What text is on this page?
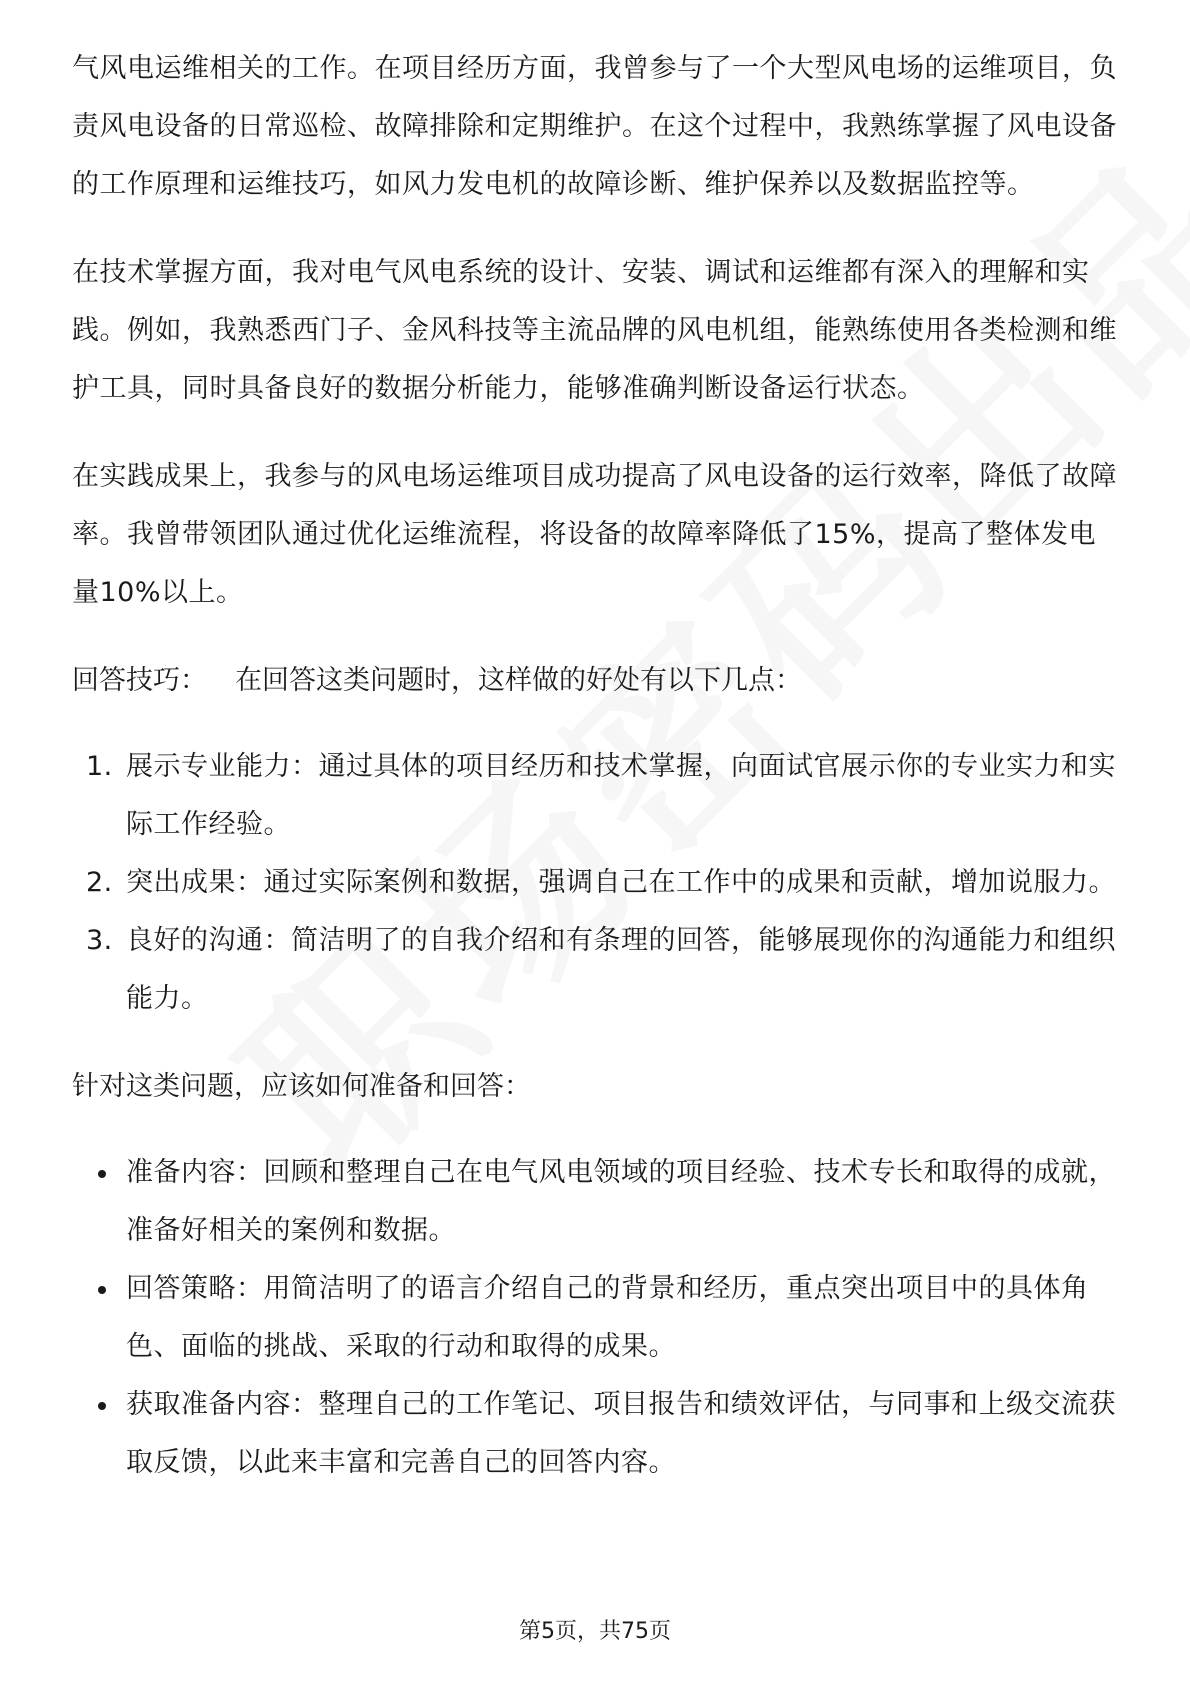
气风电运维相关的工作。在项目经历方面，我曾参与了一个大型风电场的运维项目，负责风电设备的日常巡检、故障排除和定期维护。在这个过程中，我熟练掌握了风电设备的工作原理和运维技巧，如风力发电机的故障诊断、维护保养以及数据监控等。

在技术掌握方面，我对电气风电系统的设计、安装、调试和运维都有深入的理解和实践。例如，我熟悉西门子、金风科技等主流品牌的风电机组，能熟练使用各类检测和维护工具，同时具备良好的数据分析能力，能够准确判断设备运行状态。

在实践成果上，我参与的风电场运维项目成功提高了风电设备的运行效率，降低了故障率。我曾带领团队通过优化运维流程，将设备的故障率降低了15%，提高了整体发电量10%以上。

回答技巧： 在回答这类问题时，这样做的好处有以下几点：

1. 展示专业能力：通过具体的项目经历和技术掌握，向面试官展示你的专业实力和实际工作经验。
2. 突出成果：通过实际案例和数据，强调自己在工作中的成果和贡献，增加说服力。
3. 良好的沟通：简洁明了的自我介绍和有条理的回答，能够展现你的沟通能力和组织能力。

针对这类问题，应该如何准备和回答：

准备内容：回顾和整理自己在电气风电领域的项目经验、技术专长和取得的成就，准备好相关的案例和数据。
回答策略：用简洁明了的语言介绍自己的背景和经历，重点突出项目中的具体角色、面临的挑战、采取的行动和取得的成果。
获取准备内容：整理自己的工作笔记、项目报告和绩效评估，与同事和上级交流获取反馈，以此来丰富和完善自己的回答内容。
第5页，共75页
